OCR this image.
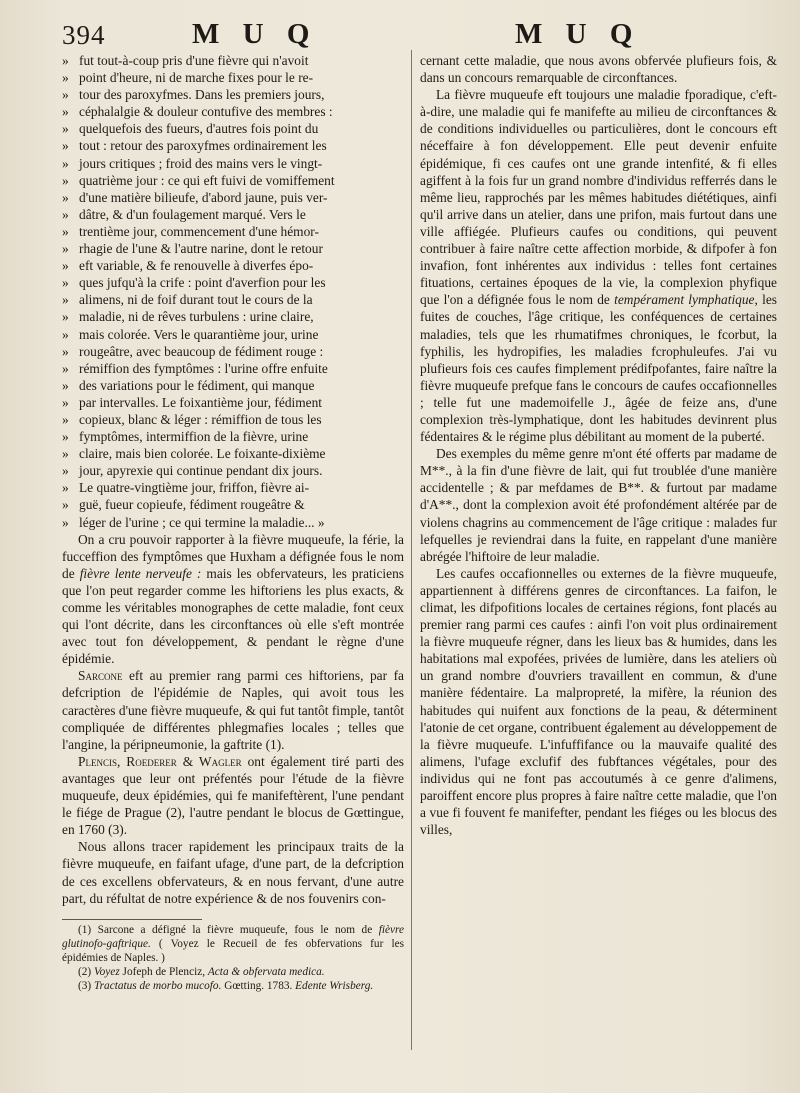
394	M U Q	M U Q
» fut tout-à-coup pris d'une fièvre qui n'avoit
» point d'heure, ni de marche fixes pour le re-
» tour des paroxyfmes. Dans les premiers jours,
» céphalalgie & douleur contufive des membres :
» quelquefois des fueurs, d'autres fois point du
» tout : retour des paroxyfmes ordinairement les
» jours critiques ; froid des mains vers le vingt-
» quatrième jour : ce qui eft fuivi de vomiffement
» d'une matière bilieufe, d'abord jaune, puis ver-
» dâtre, & d'un foulagement marqué. Vers le
» trentième jour, commencement d'une hémor-
» rhagie de l'une & l'autre narine, dont le retour
» eft variable, & fe renouvelle à diverfes épo-
» ques jufqu'à la crife : point d'averfion pour les
» alimens, ni de foif durant tout le cours de la
» maladie, ni de rêves turbulens : urine claire,
» mais colorée. Vers le quarantième jour, urine
» rougeâtre, avec beaucoup de fédiment rouge :
» rémiffion des fymptômes : l'urine offre enfuite
» des variations pour le fédiment, qui manque
» par intervalles. Le foixantième jour, fédiment
» copieux, blanc & léger : rémiffion de tous les
» fymptômes, intermiffion de la fièvre, urine
» claire, mais bien colorée. Le foixante-dixième
» jour, apyrexie qui continue pendant dix jours.
» Le quatre-vingtième jour, friffon, fièvre ai-
» guë, fueur copieufe, fédiment rougeâtre &
» léger de l'urine ; ce qui termine la maladie... »

On a cru pouvoir rapporter à la fièvre muqueufe, la férie, la fucceffion des fymptômes que Huxham a défignée fous le nom de fièvre lente nerveufe : mais les obfervateurs, les praticiens que l'on peut regarder comme les hiftoriens les plus exacts, & comme les véritables monographes de cette maladie, font ceux qui l'ont décrite, dans les circonftances où elle s'eft montrée avec tout fon développement, & pendant le règne d'une épidémie.

Sarcone eft au premier rang parmi ces hiftoriens, par fa defcription de l'épidémie de Naples, qui avoit tous les caractères d'une fièvre muqueufe, & qui fut tantôt fimple, tantôt compliquée de différentes phlegmafies locales ; telles que l'angine, la péripneumonie, la gaftrite (1).

Plencis, Roederer & Wagler ont également tiré parti des avantages que leur ont préfentés pour l'étude de la fièvre muqueufe, deux épidémies, qui fe manifeftèrent, l'une pendant le fiége de Prague (2), l'autre pendant le blocus de Gœttingue, en 1760 (3).

Nous allons tracer rapidement les principaux traits de la fièvre muqueufe, en faifant ufage, d'une part, de la defcription de ces excellens obfervateurs, & en nous fervant, d'une autre part, du réfultat de notre expérience & de nos fouvenirs con-

(1) Sarcone a défigné la fièvre muqueufe, fous le nom de fièvre glutinofo-gaftrique. ( Voyez le Recueil de fes obfervations fur les épidémies de Naples. )

(2) Voyez Jofeph de Plenciz, Acta & obfervata medica.

(3) Tractatus de morbo mucofo. Gœtting. 1783. Edente Wrisberg.

cernant cette maladie, que nous avons obfervée plufieurs fois, & dans un concours remarquable de circonftances.

La fièvre muqueufe eft toujours une maladie fporadique, c'eft-à-dire, une maladie qui fe manifefte au milieu de circonftances & de conditions individuelles ou particulières, dont le concours eft néceffaire à fon développement. Elle peut devenir enfuite épidémique, fi ces caufes ont une grande intenfité, & fi elles agiffent à la fois fur un grand nombre d'individus refferrés dans le même lieu, rapprochés par les mêmes habitudes diététiques, ainfi qu'il arrive dans un atelier, dans une prifon, mais furtout dans une ville affiégée. Plufieurs caufes ou conditions, qui peuvent contribuer à faire naître cette affection morbide, & difpofer à fon invafion, font inhérentes aux individus : telles font certaines fituations, certaines époques de la vie, la complexion phyfique que l'on a défignée fous le nom de tempérament lymphatique, les fuites de couches, l'âge critique, les conféquences de certaines maladies, tels que les rhumatifmes chroniques, le fcorbut, la fyphilis, les hydropifies, les maladies fcrophuleufes. J'ai vu plufieurs fois ces caufes fimplement prédifpofantes, faire naître la fièvre muqueufe prefque fans le concours de caufes occafionnelles ; telle fut une mademoifelle J., âgée de feize ans, d'une complexion très-lymphatique, dont les habitudes devinrent plus fédentaires & le régime plus débilitant au moment de la puberté.

Des exemples du même genre m'ont été offerts par madame de M**., à la fin d'une fièvre de lait, qui fut troublée d'une manière accidentelle ; & par mefdames de B**. & furtout par madame d'A**., dont la complexion avoit été profondément altérée par de violens chagrins au commencement de l'âge critique : malades fur lefquelles je reviendrai dans la fuite, en rappelant d'une manière abrégée l'hiftoire de leur maladie.

Les caufes occafionnelles ou externes de la fièvre muqueufe, appartiennent à différens genres de circonftances. La faifon, le climat, les difpofitions locales de certaines régions, font placés au premier rang parmi ces caufes : ainfi l'on voit plus ordinairement la fièvre muqueufe régner, dans les lieux bas & humides, dans les habitations mal expofées, privées de lumière, dans les ateliers où un grand nombre d'ouvriers travaillent en commun, & d'une manière fédentaire. La malpropreté, la mifère, la réunion des habitudes qui nuifent aux fonctions de la peau, & déterminent l'atonie de cet organe, contribuent également au développement de la fièvre muqueufe. L'infuffifance ou la mauvaife qualité des alimens, l'ufage exclufif des fubftances végétales, pour des individus qui ne font pas accoutumés à ce genre d'alimens, paroiffent encore plus propres à faire naître cette maladie, que l'on a vue fi fouvent fe manifefter, pendant les fiéges ou les blocus des villes,
